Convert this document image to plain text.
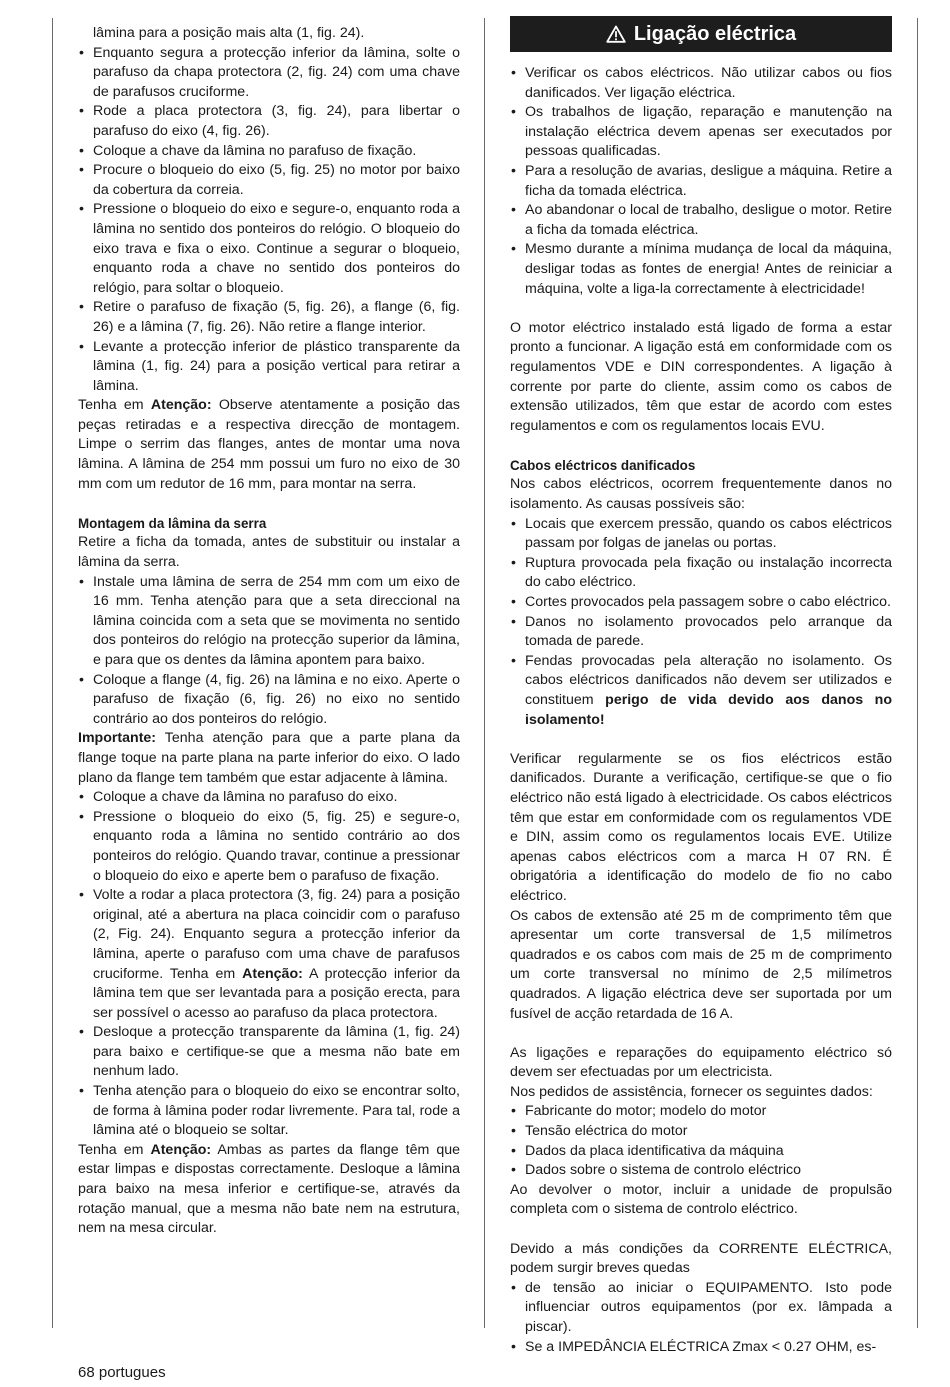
lâmina para a posição mais alta (1, fig. 24).

• Enquanto segura a protecção inferior da lâmina, solte o parafuso da chapa protectora (2, fig. 24) com uma chave de parafusos cruciforme.
• Rode a placa protectora (3, fig. 24), para libertar o parafuso do eixo (4, fig. 26).
• Coloque a chave da lâmina no parafuso de fixação.
• Procure o bloqueio do eixo (5, fig. 25) no motor por baixo da cobertura da correia.
• Pressione o bloqueio do eixo e segure-o, enquanto roda a lâmina no sentido dos ponteiros do relógio. O bloqueio do eixo trava e fixa o eixo. Continue a segurar o bloqueio, enquanto roda a chave no sentido dos ponteiros do relógio, para soltar o bloqueio.
• Retire o parafuso de fixação (5, fig. 26), a flange (6, fig. 26) e a lâmina (7, fig. 26). Não retire a flange interior.
• Levante a protecção inferior de plástico transparente da lâmina (1, fig. 24) para a posição vertical para retirar a lâmina.

Tenha em Atenção: Observe atentamente a posição das peças retiradas e a respectiva direcção de montagem. Limpe o serrim das flanges, antes de montar uma nova lâmina. A lâmina de 254 mm possui um furo no eixo de 30 mm com um redutor de 16 mm, para montar na serra.

Montagem da lâmina da serra

Retire a ficha da tomada, antes de substituir ou instalar a lâmina da serra.

• Instale uma lâmina de serra de 254 mm com um eixo de 16 mm. Tenha atenção para que a seta direccional na lâmina coincida com a seta que se movimenta no sentido dos ponteiros do relógio na protecção superior da lâmina, e para que os dentes da lâmina apontem para baixo.
• Coloque a flange (4, fig. 26) na lâmina e no eixo. Aperte o parafuso de fixação (6, fig. 26) no eixo no sentido contrário ao dos ponteiros do relógio.

Importante: Tenha atenção para que a parte plana da flange toque na parte plana na parte inferior do eixo. O lado plano da flange tem também que estar adjacente à lâmina.

• Coloque a chave da lâmina no parafuso do eixo.
• Pressione o bloqueio do eixo (5, fig. 25) e segure-o, enquanto roda a lâmina no sentido contrário ao dos ponteiros do relógio. Quando travar, continue a pressionar o bloqueio do eixo e aperte bem o parafuso de fixação.
• Volte a rodar a placa protectora (3, fig. 24) para a posição original, até a abertura na placa coincidir com o parafuso (2, Fig. 24). Enquanto segura a protecção inferior da lâmina, aperte o parafuso com uma chave de parafusos cruciforme. Tenha em Atenção: A protecção inferior da lâmina tem que ser levantada para a posição erecta, para ser possível o acesso ao parafuso da placa protectora.
• Desloque a protecção transparente da lâmina (1, fig. 24) para baixo e certifique-se que a mesma não bate em nenhum lado.
• Tenha atenção para o bloqueio do eixo se encontrar solto, de forma à lâmina poder rodar livremente. Para tal, rode a lâmina até o bloqueio se soltar.

Tenha em Atenção: Ambas as partes da flange têm que estar limpas e dispostas correctamente. Desloque a lâmina para baixo na mesa inferior e certifique-se, através da rotação manual, que a mesma não bate nem na estrutura, nem na mesa circular.

Ligação eléctrica
• Verificar os cabos eléctricos. Não utilizar cabos ou fios danificados. Ver ligação eléctrica.
• Os trabalhos de ligação, reparação e manutenção na instalação eléctrica devem apenas ser executados por pessoas qualificadas.
• Para a resolução de avarias, desligue a máquina. Retire a ficha da tomada eléctrica.
• Ao abandonar o local de trabalho, desligue o motor. Retire a ficha da tomada eléctrica.
• Mesmo durante a mínima mudança de local da máquina, desligar todas as fontes de energia! Antes de reiniciar a máquina, volte a liga-la correctamente à electricidade!

O motor eléctrico instalado está ligado de forma a estar pronto a funcionar. A ligação está em conformidade com os regulamentos VDE e DIN correspondentes. A ligação à corrente por parte do cliente, assim como os cabos de extensão utilizados, têm que estar de acordo com estes regulamentos e com os regulamentos locais EVU.

Cabos eléctricos danificados

Nos cabos eléctricos, ocorrem frequentemente danos no isolamento. As causas possíveis são:

• Locais que exercem pressão, quando os cabos eléctricos passam por folgas de janelas ou portas.
• Ruptura provocada pela fixação ou instalação incorrecta do cabo eléctrico.
• Cortes provocados pela passagem sobre o cabo eléctrico.
• Danos no isolamento provocados pelo arranque da tomada de parede.
• Fendas provocadas pela alteração no isolamento. Os cabos eléctricos danificados não devem ser utilizados e constituem perigo de vida devido aos danos no isolamento!

Verificar regularmente se os fios eléctricos estão danificados. Durante a verificação, certifique-se que o fio eléctrico não está ligado à electricidade. Os cabos eléctricos têm que estar em conformidade com os regulamentos VDE e DIN, assim como os regulamentos locais EVE. Utilize apenas cabos eléctricos com a marca H 07 RN. É obrigatória a identificação do modelo de fio no cabo eléctrico.

Os cabos de extensão até 25 m de comprimento têm que apresentar um corte transversal de 1,5 milímetros quadrados e os cabos com mais de 25 m de comprimento um corte transversal no mínimo de 2,5 milímetros quadrados. A ligação eléctrica deve ser suportada por um fusível de acção retardada de 16 A.

As ligações e reparações do equipamento eléctrico só devem ser efectuadas por um electricista.

Nos pedidos de assistência, fornecer os seguintes dados:

• Fabricante do motor; modelo do motor
• Tensão eléctrica do motor
• Dados da placa identificativa da máquina
• Dados sobre o sistema de controlo eléctrico

Ao devolver o motor, incluir a unidade de propulsão completa com o sistema de controlo eléctrico.

Devido a más condições da CORRENTE ELÉCTRICA, podem surgir breves quedas

• de tensão ao iniciar o EQUIPAMENTO. Isto pode influenciar outros equipamentos (por ex. lâmpada a piscar).
• Se a IMPEDÂNCIA ELÉCTRICA Zmax < 0.27 OHM, es-
68 portugues
